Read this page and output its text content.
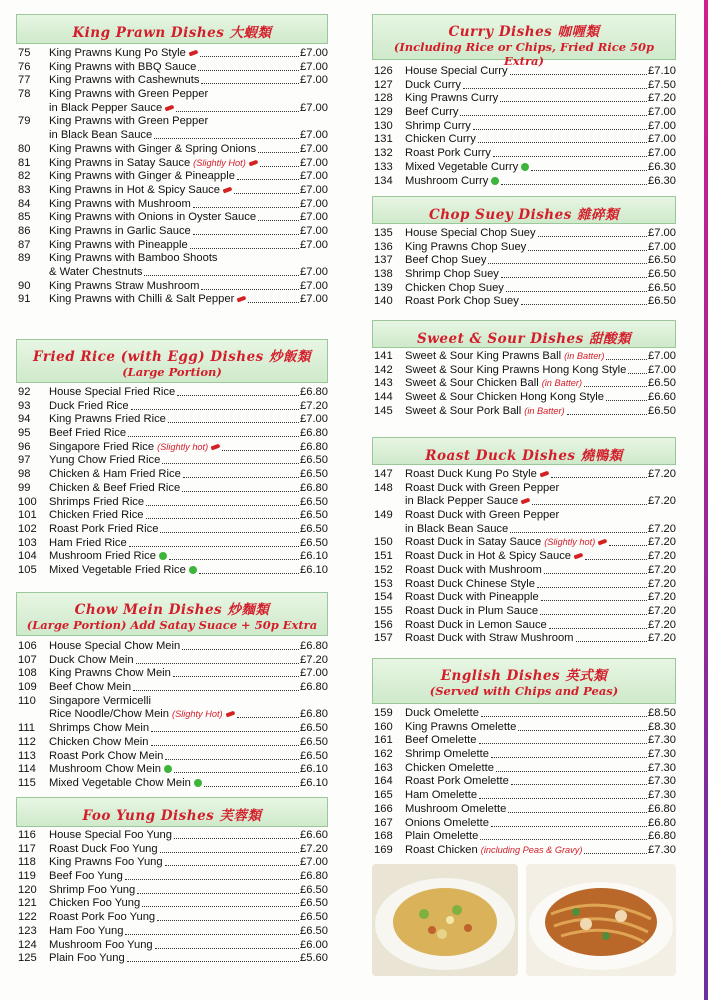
King Prawn Dishes 大蝦類
75	King Prawns Kung Po Style	£7.00
76	King Prawns with BBQ Sauce	£7.00
77	King Prawns with Cashewnuts	£7.00
78	King Prawns with Green Pepper
in Black Pepper Sauce	£7.00
79	King Prawns with Green Pepper
in Black Bean Sauce	£7.00
80	King Prawns with Ginger & Spring Onions	£7.00
81	King Prawns in Satay Sauce (Slightly Hot)	£7.00
82	King Prawns with Ginger & Pineapple	£7.00
83	King Prawns in Hot & Spicy Sauce	£7.00
84	King Prawns with Mushroom	£7.00
85	King Prawns with Onions in Oyster Sauce	£7.00
86	King Prawns in Garlic Sauce	£7.00
87	King Prawns with Pineapple	£7.00
89	King Prawns with Bamboo Shoots
& Water Chestnuts	£7.00
90	King Prawns Straw Mushroom	£7.00
91	King Prawns with Chilli & Salt Pepper	£7.00
Fried Rice (with Egg) Dishes 炒飯類
(Large Portion)
92	House Special Fried Rice	£6.80
93	Duck Fried Rice	£7.20
94	King Prawns Fried Rice	£7.00
95	Beef Fried Rice	£6.80
96	Singapore Fried Rice (Slightly hot)	£6.80
97	Yung Chow Fried Rice	£6.50
98	Chicken & Ham Fried Rice	£6.50
99	Chicken & Beef Fried Rice	£6.80
100	Shrimps Fried Rice	£6.50
101	Chicken Fried Rice	£6.50
102	Roast Pork Fried Rice	£6.50
103	Ham Fried Rice	£6.50
104	Mushroom Fried Rice	£6.10
105	Mixed Vegetable Fried Rice	£6.10
Chow Mein Dishes 炒麵類
(Large Portion) Add Satay Suace + 50p Extra
106	House Special Chow Mein	£6.80
107	Duck Chow Mein	£7.20
108	King Prawns Chow Mein	£7.00
109	Beef Chow Mein	£6.80
110	Singapore Vermicelli
Rice Noodle/Chow Mein (Slighty Hot)	£6.80
111	Shrimps Chow Mein	£6.50
112	Chicken Chow Mein	£6.50
113	Roast Pork Chow Mein	£6.50
114	Mushroom Chow Mein	£6.10
115	Mixed Vegetable Chow Mein	£6.10
Foo Yung Dishes 芙蓉類
116	House Special Foo Yung	£6.60
117	Roast Duck Foo Yung	£7.20
118	King Prawns Foo Yung	£7.00
119	Beef Foo Yung	£6.80
120	Shrimp Foo Yung	£6.50
121	Chicken Foo Yung	£6.50
122	Roast Pork Foo Yung	£6.50
123	Ham Foo Yung	£6.50
124	Mushroom Foo Yung	£6.00
125	Plain Foo Yung	£5.60
Curry Dishes 咖喱類
(Including Rice or Chips, Fried Rice 50p Extra)
126	House Special Curry	£7.10
127	Duck Curry	£7.50
128	King Prawns Curry	£7.20
129	Beef Curry	£7.00
130	Shrimp Curry	£7.00
131	Chicken Curry	£7.00
132	Roast Pork Curry	£7.00
133	Mixed Vegetable Curry	£6.30
134	Mushroom Curry	£6.30
Chop Suey Dishes 雜碎類
135	House Special Chop Suey	£7.00
136	King Prawns Chop Suey	£7.00
137	Beef Chop Suey	£6.50
138	Shrimp Chop Suey	£6.50
139	Chicken Chop Suey	£6.50
140	Roast Pork Chop Suey	£6.50
Sweet & Sour Dishes 甜酸類
141	Sweet & Sour King Prawns Ball (in Batter)	£7.00
142	Sweet & Sour King Prawns Hong Kong Style £7.00
143	Sweet & Sour Chicken Ball (in Batter)	£6.50
144	Sweet & Sour Chicken Hong Kong Style	£6.60
145	Sweet & Sour Pork Ball (in Batter)	£6.50
Roast Duck Dishes 燒鴨類
147	Roast Duck Kung Po Style	£7.20
148	Roast Duck with Green Pepper
in Black Pepper Sauce	£7.20
149	Roast Duck with Green Pepper
in Black Bean Sauce	£7.20
150	Roast Duck in Satay Sauce (Slightly hot)	£7.20
151	Roast Duck in Hot & Spicy Sauce	£7.20
152	Roast Duck with Mushroom	£7.20
153	Roast Duck Chinese Style	£7.20
154	Roast Duck with Pineapple	£7.20
155	Roast Duck in Plum Sauce	£7.20
156	Roast Duck in Lemon Sauce	£7.20
157	Roast Duck with Straw Mushroom	£7.20
English Dishes 英式類
(Served with Chips and Peas)
159	Duck Omelette	£8.50
160	King Prawns Omelette	£8.30
161	Beef Omelette	£7.30
162	Shrimp Omelette	£7.30
163	Chicken Omelette	£7.30
164	Roast Pork Omelette	£7.30
165	Ham Omelette	£7.30
166	Mushroom Omelette	£6.80
167	Onions Omelette	£6.80
168	Plain Omelette	£6.80
169	Roast Chicken (including Peas & Gravy)	£7.30
